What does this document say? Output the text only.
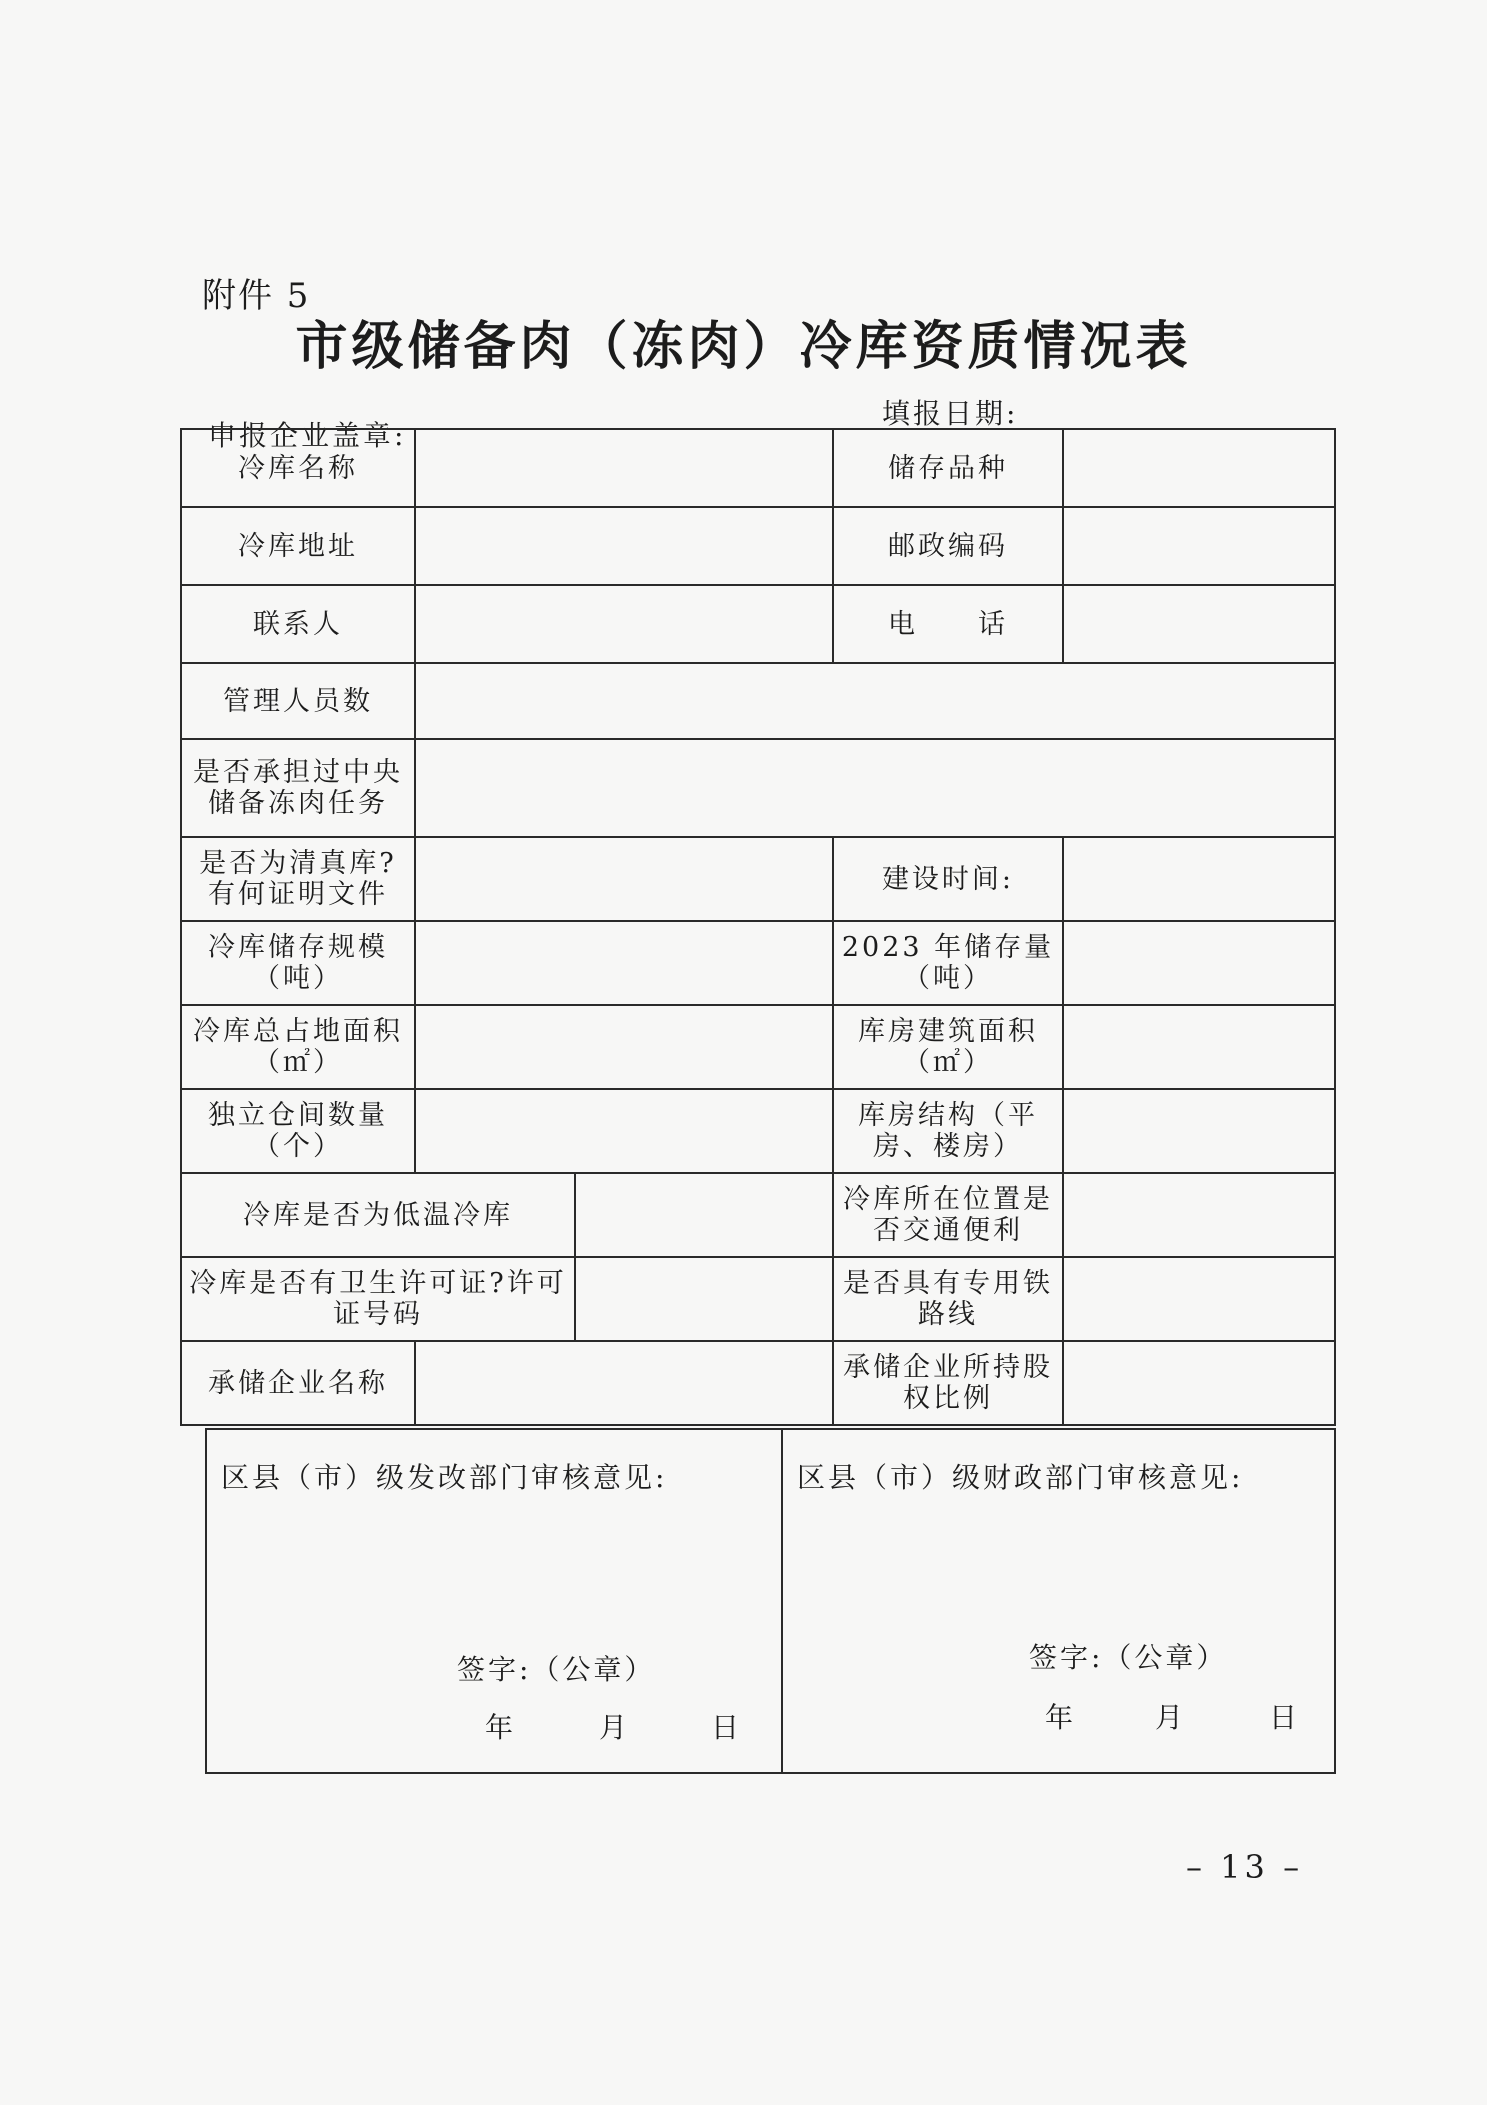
附件 5
市级储备肉（冻肉）冷库资质情况表
申报企业盖章:
填报日期:
冷库名称			储存品种	
冷库地址			邮政编码	
联系人			电　　话	
管理人员数				
是否承担过中央储备冻肉任务				
是否为清真库?有何证明文件			建设时间:	
冷库储存规模（吨）			2023 年储存量（吨）	
冷库总占地面积（㎡）			库房建筑面积（㎡）	
独立仓间数量（个）			库房结构（平房、楼房）	
冷库是否为低温冷库			冷库所在位置是否交通便利	
冷库是否有卫生许可证?许可证号码			是否具有专用铁路线	
承储企业名称			承储企业所持股权比例	
区县（市）级发改部门审核意见:
签字:（公章）
年	月	日
区县（市）级财政部门审核意见:
签字:（公章）
年	月	日
– 13 –
